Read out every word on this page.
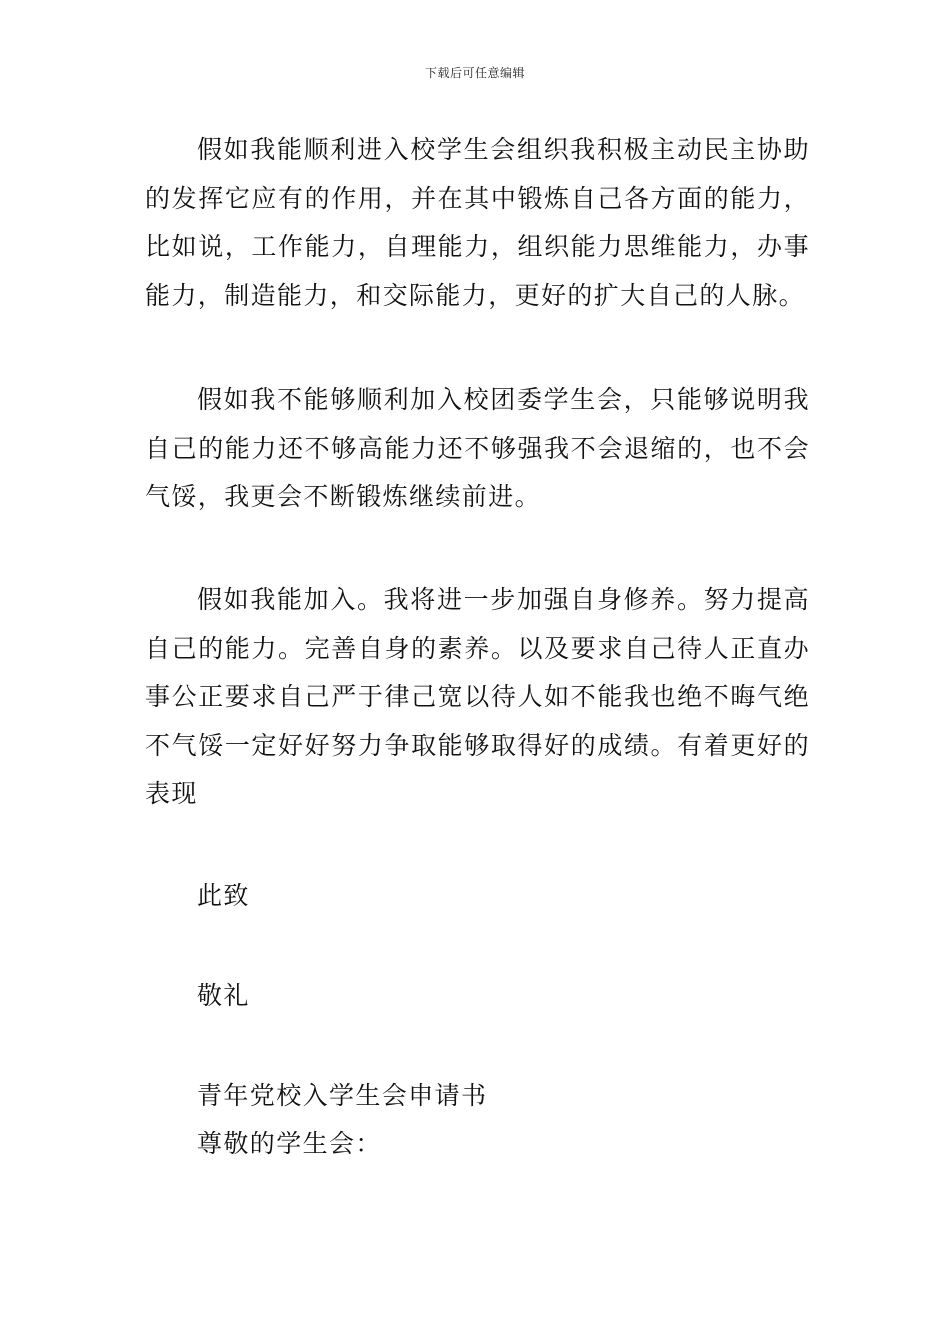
下载后可任意编辑

假如我能顺利进入校学生会组织我积极主动民主协助的发挥它应有的作用，并在其中锻炼自己各方面的能力，比如说，工作能力，自理能力，组织能力思维能力，办事能力，制造能力，和交际能力，更好的扩大自己的人脉。

假如我不能够顺利加入校团委学生会，只能够说明我自己的能力还不够高能力还不够强我不会退缩的，也不会气馁，我更会不断锻炼继续前进。

假如我能加入。我将进一步加强自身修养。努力提高自己的能力。完善自身的素养。以及要求自己待人正直办事公正要求自己严于律己宽以待人如不能我也绝不晦气绝不气馁一定好好努力争取能够取得好的成绩。有着更好的表现

此致
敬礼
青年党校入学生会申请书
尊敬的学生会：
